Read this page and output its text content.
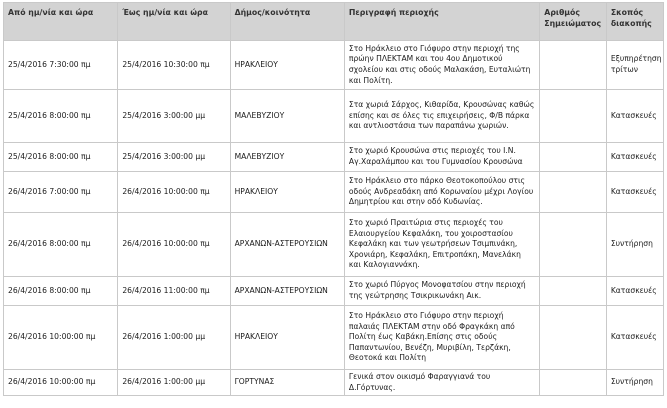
Από ημ/νία και ώρα	Έως ημ/νία και ώρα	Δήμος/κοινότητα	Περιγραφή περιοχής	Αριθμός Σημειώματος	Σκοπός διακοπής
25/4/2016 7:30:00 πμ	25/4/2016 10:30:00 πμ	ΗΡΑΚΛΕΙΟΥ	Στο Ηράκλειο στο Γιόφυρο στην περιοχή της πρώην ΠΛΕΚΤΑΜ και του 4ου Δημοτικού σχολείου και στις οδούς Μαλακάση, Ευταλιώτη και Πολίτη.		Εξυπηρέτηση τρίτων
25/4/2016 8:00:00 πμ	25/4/2016 3:00:00 μμ	ΜΑΛΕΒΥΖΙΟΥ	Στα χωριά Σάρχος, Κιθαρίδα, Κρουσώνας καθώς επίσης και σε όλες τις επιχειρήσεις, Φ/Β πάρκα και αντλιοστάσια των παραπάνω χωριών.		Κατασκευές
25/4/2016 8:00:00 πμ	25/4/2016 3:00:00 μμ	ΜΑΛΕΒΥΖΙΟΥ	Στο χωριό Κρουσώνα στις περιοχές του Ι.Ν. Αγ.Χαραλάμπου και του Γυμνασίου Κρουσώνα		Κατασκευές
26/4/2016 7:00:00 πμ	26/4/2016 10:00:00 πμ	ΗΡΑΚΛΕΙΟΥ	Στο Ηράκλειο στο πάρκο Θεοτοκοπούλου στις οδούς Ανδρεαδάκη από Κορωναίου μέχρι Λογίου Δημητρίου και στην οδό Κυδωνίας.		Κατασκευές
26/4/2016 8:00:00 πμ	26/4/2016 10:00:00 πμ	ΑΡΧΑΝΩΝ-ΑΣΤΕΡΟΥΣΙΩΝ	Στο χωριό Πραιτώρια στις περιοχές του Ελαιουργείου Κεφαλάκη, του χοιροστασίου Κεφαλάκη και των γεωτρήσεων Τσιμπινάκη, Χρονιάρη, Κεφαλάκη, Επιτροπάκη, Μανελάκη και Καλογιαννάκη.		Συντήρηση
26/4/2016 8:00:00 πμ	26/4/2016 11:00:00 πμ	ΑΡΧΑΝΩΝ-ΑΣΤΕΡΟΥΣΙΩΝ	Στο χωριό Πύργος Μονοφατσίου στην περιοχή της γεώτρησης Τσικρικωνάκη Αικ.		Κατασκευές
26/4/2016 10:00:00 πμ	26/4/2016 1:00:00 μμ	ΗΡΑΚΛΕΙΟΥ	Στο Ηράκλειο στο Γιόφυρο στην περιοχή παλαιάς ΠΛΕΚΤΑΜ στην οδό Φραγκάκη από Πολίτη έως Καβάκη.Επίσης στις οδούς Παπαντωνίου, Βενέζη, Μυριβίλη, Τερζάκη, Θεοτοκά και Πολίτη		Κατασκευές
26/4/2016 10:00:00 πμ	26/4/2016 1:00:00 μμ	ΓΟΡΤΥΝΑΣ	Γενικά στον οικισμό Φαραγγιανά του Δ.Γόρτυνας.		Συντήρηση
